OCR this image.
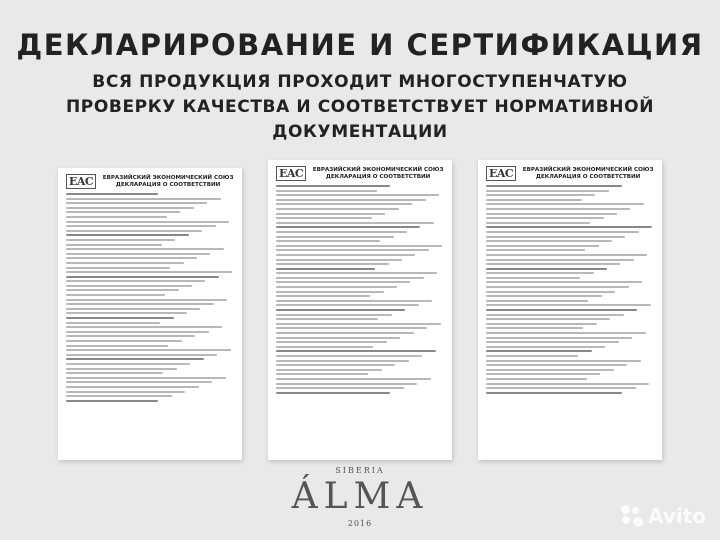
ДЕКЛАРИРОВАНИЕ И СЕРТИФИКАЦИЯ
ВСЯ ПРОДУКЦИЯ ПРОХОДИТ МНОГОСТУПЕНЧАТУЮ ПРОВЕРКУ КАЧЕСТВА И СООТВЕТСТВУЕТ НОРМАТИВНОЙ ДОКУМЕНТАЦИИ
EAC	ЕВРАЗИЙСКИЙ ЭКОНОМИЧЕСКИЙ СОЮЗ ДЕКЛАРАЦИЯ О СООТВЕТСТВИИ
EAC	ЕВРАЗИЙСКИЙ ЭКОНОМИЧЕСКИЙ СОЮЗ ДЕКЛАРАЦИЯ О СООТВЕТСТВИИ	EAC	ЕВРАЗИЙСКИЙ ЭКОНОМИЧЕСКИЙ СОЮЗ ДЕКЛАРАЦИЯ О СООТВЕТСТВИИ
SIBERIA
ÁLMA
2016	Avito
